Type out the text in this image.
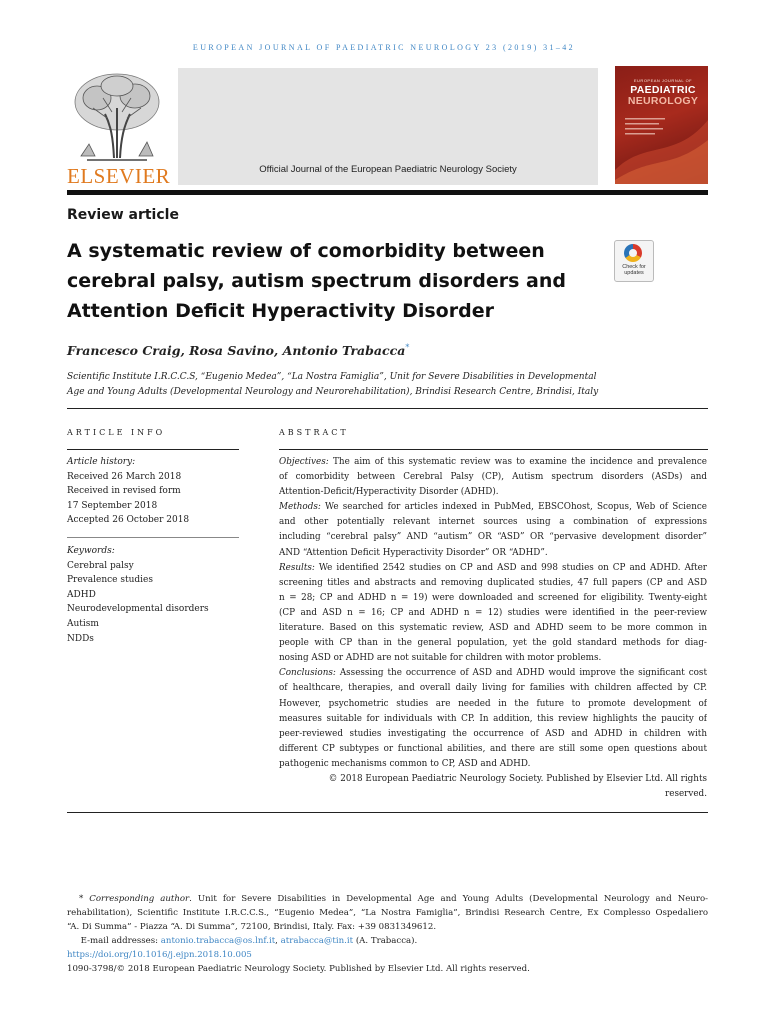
EUROPEAN JOURNAL OF PAEDIATRIC NEUROLOGY 23 (2019) 31–42
ELSEVIER	Official Journal of the European Paediatric Neurology Society
EUROPEAN JOURNAL OF
PAEDIATRIC
NEUROLOGY
Review article
A systematic review of comorbidity between
cerebral palsy, autism spectrum disorders and
Attention Deficit Hyperactivity Disorder
Check for
updates
Francesco Craig, Rosa Savino, Antonio Trabacca*
Scientific Institute I.R.C.C.S, “Eugenio Medea”, “La Nostra Famiglia”, Unit for Severe Disabilities in Developmental
Age and Young Adults (Developmental Neurology and Neurorehabilitation), Brindisi Research Centre, Brindisi, Italy
ARTICLE INFO
Article history:
Received 26 March 2018
Received in revised form
17 September 2018
Accepted 26 October 2018
Keywords:
Cerebral palsy
Prevalence studies
ADHD
Neurodevelopmental disorders
Autism
NDDs
ABSTRACT
Objectives: The aim of this systematic review was to examine the incidence and prevalence
of comorbidity between Cerebral Palsy (CP), Autism spectrum disorders (ASDs) and
Attention-Deficit/Hyperactivity Disorder (ADHD).
Methods: We searched for articles indexed in PubMed, EBSCOhost, Scopus, Web of Science
and other potentially relevant internet sources using a combination of expressions
including “cerebral palsy” AND “autism” OR “ASD” OR “pervasive development disorder”
AND “Attention Deficit Hyperactivity Disorder” OR “ADHD”.
Results: We identified 2542 studies on CP and ASD and 998 studies on CP and ADHD. After
screening titles and abstracts and removing duplicated studies, 47 full papers (CP and ASD
n = 28; CP and ADHD n = 19) were downloaded and screened for eligibility. Twenty-eight
(CP and ASD n = 16; CP and ADHD n = 12) studies were identified in the peer-review
literature. Based on this systematic review, ASD and ADHD seem to be more common in
people with CP than in the general population, yet the gold standard methods for diag-
nosing ASD or ADHD are not suitable for children with motor problems.
Conclusions: Assessing the occurrence of ASD and ADHD would improve the significant cost
of healthcare, therapies, and overall daily living for families with children affected by CP.
However, psychometric studies are needed in the future to promote development of
measures suitable for individuals with CP. In addition, this review highlights the paucity of
peer-reviewed studies investigating the occurrence of ASD and ADHD in children with
different CP subtypes or functional abilities, and there are still some open questions about
pathogenic mechanisms common to CP, ASD and ADHD.
© 2018 European Paediatric Neurology Society. Published by Elsevier Ltd. All rights
reserved.
* Corresponding author. Unit for Severe Disabilities in Developmental Age and Young Adults (Developmental Neurology and Neuro-
rehabilitation), Scientific Institute I.R.C.C.S., “Eugenio Medea”, “La Nostra Famiglia”, Brindisi Research Centre, Ex Complesso Ospedaliero
“A. Di Summa” - Piazza “A. Di Summa”, 72100, Brindisi, Italy. Fax: +39 0831349612.
E-mail addresses: antonio.trabacca@os.lnf.it, atrabacca@tin.it (A. Trabacca).
https://doi.org/10.1016/j.ejpn.2018.10.005
1090-3798/© 2018 European Paediatric Neurology Society. Published by Elsevier Ltd. All rights reserved.
